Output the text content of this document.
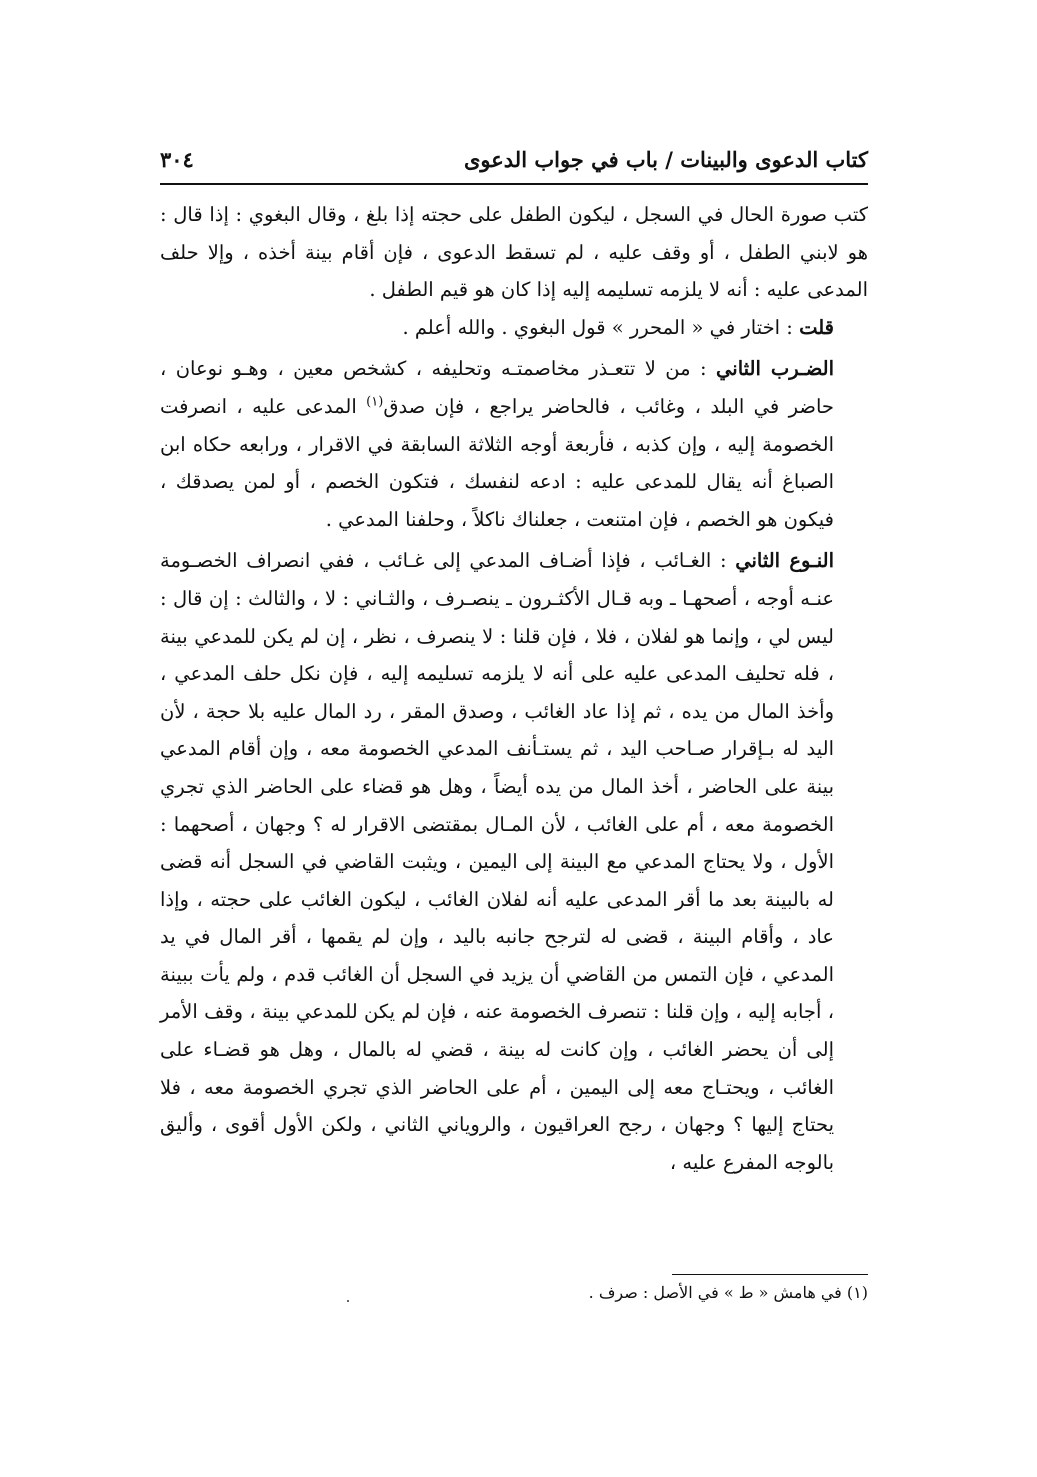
كتاب الدعوى والبينات / باب في جواب الدعوى
٣٠٤

كتب صورة الحال في السجل ، ليكون الطفل على حجته إذا بلغ ، وقال البغوي : إذا قال : هو لابني الطفل ، أو وقف عليه ، لم تسقط الدعوى ، فإن أقام بينة أخذه ، وإلا حلف المدعى عليه : أنه لا يلزمه تسليمه إليه إذا كان هو قيم الطفل .

قلت : اختار في « المحرر » قول البغوي . والله أعلم .

الضـرب الثاني : من لا تتعـذر مخاصمتـه وتحليفه ، كشخص معين ، وهـو نوعان ، حاضر في البلد ، وغائب ، فالحاضر يراجع ، فإن صدق$^{(١)}$ المدعى عليه ، انصرفت الخصومة إليه ، وإن كذبه ، فأربعة أوجه الثلاثة السابقة في الاقرار ، ورابعه حكاه ابن الصباغ أنه يقال للمدعى عليه : ادعه لنفسك ، فتكون الخصم ، أو لمن يصدقك ، فيكون هو الخصم ، فإن امتنعت ، جعلناك ناكلاً ، وحلفنا المدعي .

النـوع الثاني : الغـائب ، فإذا أضـاف المدعي إلى غـائب ، ففي انصراف الخصـومة عنـه أوجه ، أصحهـا ـ وبه قـال الأكثـرون ـ ينصـرف ، والثـاني : لا ، والثالث : إن قال : ليس لي ، وإنما هو لفلان ، فلا ، فإن قلنا : لا ينصرف ، نظر ، إن لم يكن للمدعي بينة ، فله تحليف المدعى عليه على أنه لا يلزمه تسليمه إليه ، فإن نكل حلف المدعي ، وأخذ المال من يده ، ثم إذا عاد الغائب ، وصدق المقر ، رد المال عليه بلا حجة ، لأن اليد له بـإقرار صـاحب اليد ، ثم يستـأنف المدعي الخصومة معه ، وإن أقام المدعي بينة على الحاضر ، أخذ المال من يده أيضاً ، وهل هو قضاء على الحاضر الذي تجري الخصومة معه ، أم على الغائب ، لأن المـال بمقتضى الاقرار له ؟ وجهان ، أصحهما : الأول ، ولا يحتاج المدعي مع البينة إلى اليمين ، ويثبت القاضي في السجل أنه قضى له بالبينة بعد ما أقر المدعى عليه أنه لفلان الغائب ، ليكون الغائب على حجته ، وإذا عاد ، وأقام البينة ، قضى له لترجح جانبه باليد ، وإن لم يقمها ، أقر المال في يد المدعي ، فإن التمس من القاضي أن يزيد في السجل أن الغائب قدم ، ولم يأت ببينة ، أجابه إليه ، وإن قلنا : تنصرف الخصومة عنه ، فإن لم يكن للمدعي بينة ، وقف الأمر إلى أن يحضر الغائب ، وإن كانت له بينة ، قضي له بالمال ، وهل هو قضـاء على الغائب ، ويحتـاج معه إلى اليمين ، أم على الحاضر الذي تجري الخصومة معه ، فلا يحتاج إليها ؟ وجهان ، رجح العراقيون ، والروياني الثاني ، ولكن الأول أقوى ، وأليق بالوجه المفرع عليه ،

(١) في هامش « ط » في الأصل : صرف .
